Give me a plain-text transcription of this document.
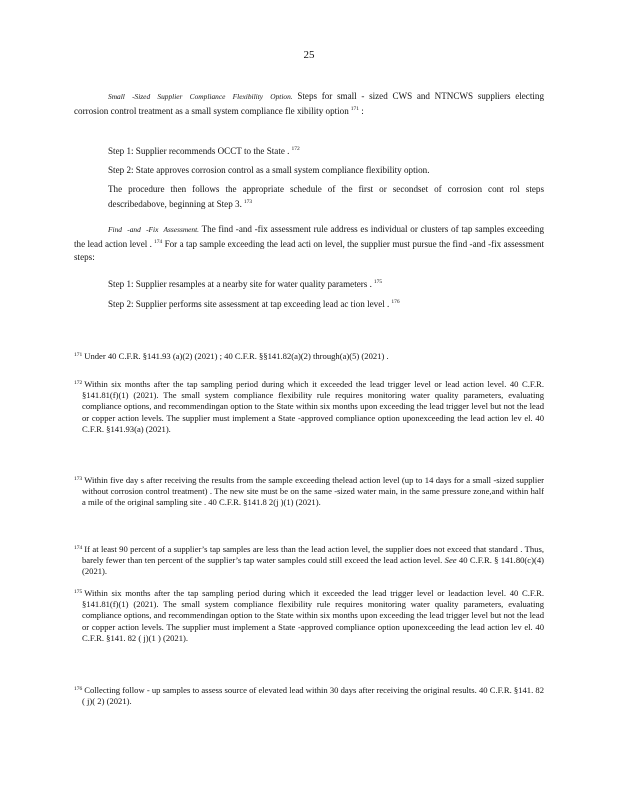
25
Small -Sized Supplier Compliance Flexibility Option. Steps for small - sized CWS and NTNCWS suppliers electing corrosion control treatment as a small system compliance fle xibility option $^{171}$ :
Step 1: Supplier recommends OCCT to the State . $^{172}$
Step 2: State approves corrosion control as a small system compliance flexibility option.
The procedure then follows the appropriate schedule of the first or secondset of corrosion cont rol steps describedabove, beginning at Step 3. $^{173}$
Find -and -Fix Assessment. The find -and -fix assessment rule address es individual or clusters of tap samples exceeding the lead action level . $^{174}$ For a tap sample exceeding the lead acti on level, the supplier must pursue the find -and -fix assessment steps:
Step 1: Supplier resamples at a nearby site for water quality parameters . $^{175}$
Step 2: Supplier performs site assessment at tap exceeding lead ac tion level . $^{176}$
$^{171}$ Under 40 C.F.R. §141.93 (a)(2) (2021) ; 40 C.F.R. §§141.82(a)(2) through(a)(5) (2021) .
$^{172}$ Within six months after the tap sampling period during which it exceeded the lead trigger level or lead action level. 40 C.F.R. §141.81(f)(1) (2021). The small system compliance flexibility rule requires monitoring water quality parameters, evaluating compliance options, and recommendingan option to the State within six months upon exceeding the lead trigger level but not the lead or copper action levels. The supplier must implement a State -approved compliance option uponexceeding the lead action lev el. 40 C.F.R. §141.93(a) (2021).
$^{173}$ Within five day s after receiving the results from the sample exceeding thelead action level (up to 14 days for a small -sized supplier without corrosion control treatment) . The new site must be on the same -sized water main, in the same pressure zone,and within half a mile of the original sampling site . 40 C.F.R. §141.8 2(j )(1) (2021).
$^{174}$ If at least 90 percent of a supplier’s tap samples are less than the lead action level, the supplier does not exceed that standard . Thus, barely fewer than ten percent of the supplier’s tap water samples could still exceed the lead action level. See 40 C.F.R. § 141.80(c)(4) (2021).
$^{175}$ Within six months after the tap sampling period during which it exceeded the lead trigger level or leadaction level. 40 C.F.R. §141.81(f)(1) (2021). The small system compliance flexibility rule requires monitoring water quality parameters, evaluating compliance options, and recommendingan option to the State within six months upon exceeding the lead trigger level but not the lead or copper action levels. The supplier must implement a State -approved compliance option uponexceeding the lead action lev el. 40 C.F.R. §141. 82 ( j)(1 ) (2021).
$^{176}$ Collecting follow - up samples to assess source of elevated lead within 30 days after receiving the original results. 40 C.F.R. §141. 82 ( j)( 2) (2021).
